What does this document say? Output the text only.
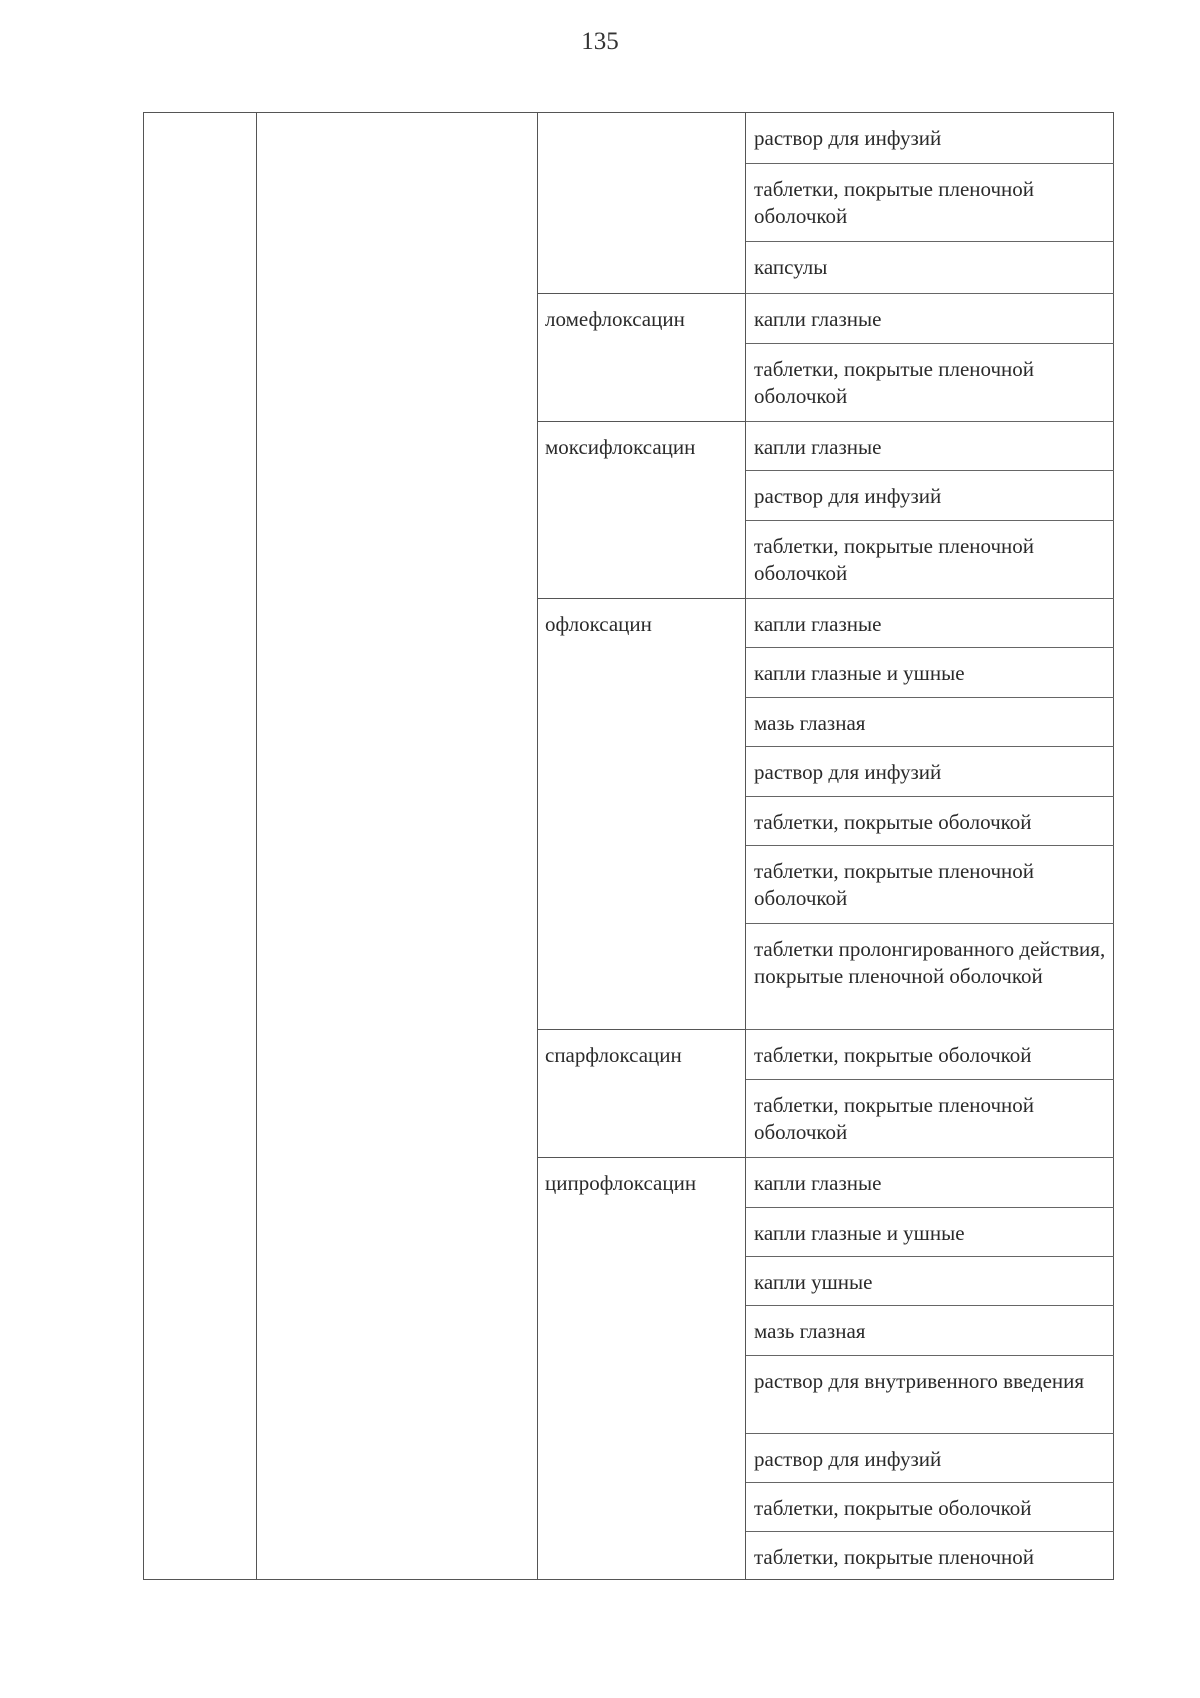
135
ломефлоксацин
моксифлоксацин
офлоксацин
спарфлоксацин
ципрофлоксацин
раствор для инфузий
таблетки, покрытые пленочной оболочкой
капсулы
капли глазные
таблетки, покрытые пленочной оболочкой
капли глазные
раствор для инфузий
таблетки, покрытые пленочной оболочкой
капли глазные
капли глазные и ушные
мазь глазная
раствор для инфузий
таблетки, покрытые оболочкой
таблетки, покрытые пленочной оболочкой
таблетки пролонгированного действия, покрытые пленочной оболочкой
таблетки, покрытые оболочкой
таблетки, покрытые пленочной оболочкой
капли глазные
капли глазные и ушные
капли ушные
мазь глазная
раствор для внутривенного введения
раствор для инфузий
таблетки, покрытые оболочкой
таблетки, покрытые пленочной
